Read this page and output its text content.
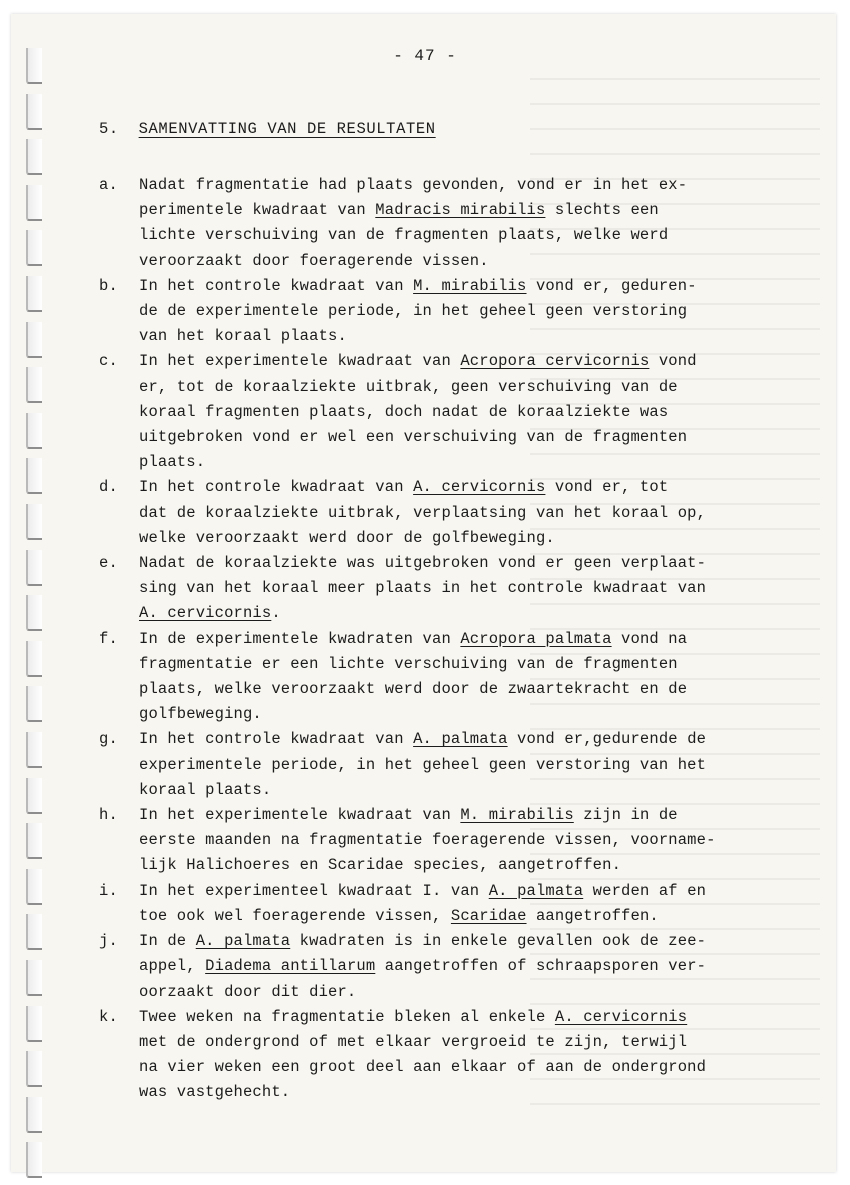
- 47 -
5. SAMENVATTING VAN DE RESULTATEN
a. Nadat fragmentatie had plaats gevonden, vond er in het ex-
perimentele kwadraat van Madracis mirabilis slechts een
lichte verschuiving van de fragmenten plaats, welke werd
veroorzaakt door foeragerende vissen.
b. In het controle kwadraat van M. mirabilis vond er, geduren-
de de experimentele periode, in het geheel geen verstoring
van het koraal plaats.
c. In het experimentele kwadraat van Acropora cervicornis vond
er, tot de koraalziekte uitbrak, geen verschuiving van de
koraal fragmenten plaats, doch nadat de koraalziekte was
uitgebroken vond er wel een verschuiving van de fragmenten
plaats.
d. In het controle kwadraat van A. cervicornis vond er, tot
dat de koraalziekte uitbrak, verplaatsing van het koraal op,
welke veroorzaakt werd door de golfbeweging.
e. Nadat de koraalziekte was uitgebroken vond er geen verplaat-
sing van het koraal meer plaats in het controle kwadraat van
A. cervicornis.
f. In de experimentele kwadraten van Acropora palmata vond na
fragmentatie er een lichte verschuiving van de fragmenten
plaats, welke veroorzaakt werd door de zwaartekracht en de
golfbeweging.
g. In het controle kwadraat van A. palmata vond er,gedurende de
experimentele periode, in het geheel geen verstoring van het
koraal plaats.
h. In het experimentele kwadraat van M. mirabilis zijn in de
eerste maanden na fragmentatie foeragerende vissen, voorname-
lijk Halichoeres en Scaridae species, aangetroffen.
i. In het experimenteel kwadraat I. van A. palmata werden af en
toe ook wel foeragerende vissen, Scaridae aangetroffen.
j. In de A. palmata kwadraten is in enkele gevallen ook de zee-
appel, Diadema antillarum aangetroffen of schraapsporen ver-
oorzaakt door dit dier.
k. Twee weken na fragmentatie bleken al enkele A. cervicornis
met de ondergrond of met elkaar vergroeid te zijn, terwijl
na vier weken een groot deel aan elkaar of aan de ondergrond
was vastgehecht.
